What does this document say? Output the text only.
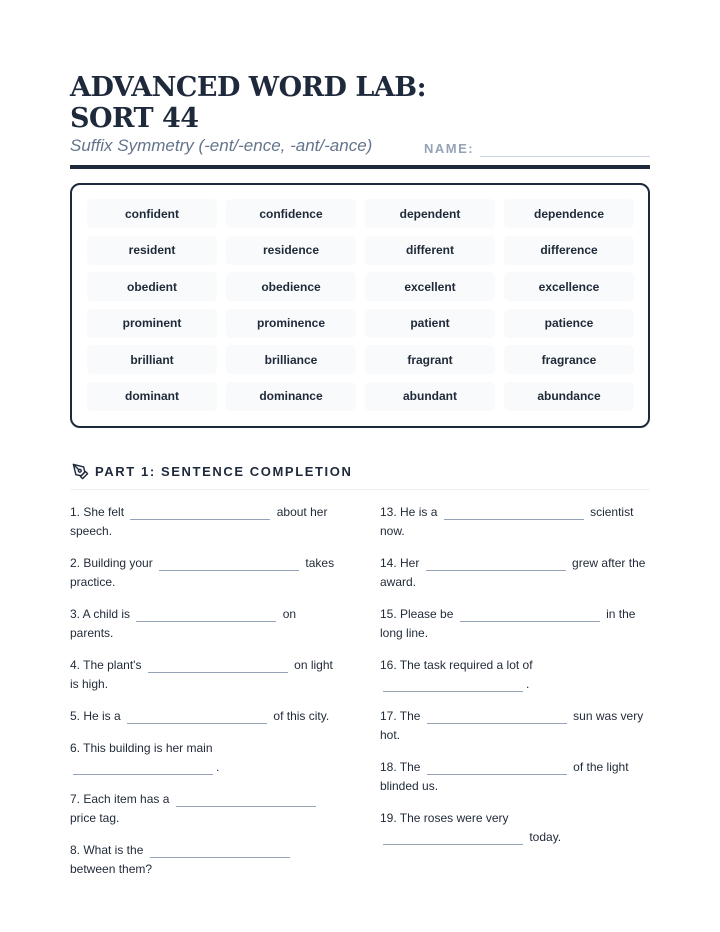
ADVANCED WORD LAB:
SORT 44
Suffix Symmetry (-ent/-ence, -ant/-ance)	NAME:
confident	confidence	dependent	dependence
resident	residence	different	difference
obedient	obedience	excellent	excellence
prominent	prominence	patient	patience
brilliant	brilliance	fragrant	fragrance
dominant	dominance	abundant	abundance
PART 1: SENTENCE COMPLETION
1. She felt	about her speech.
2. Building your	takes practice.
3. A child is	on parents.
4. The plant's	on light is high.
5. He is a	of this city.
6. This building is her main .
7. Each item has a  price tag.
8. What is the  between them?
13. He is a	scientist now.
14. Her	grew after the award.
15. Please be	in the long line.
16. The task required a lot of .
17. The	sun was very hot.
18. The	of the light blinded us.
19. The roses were very  today.
